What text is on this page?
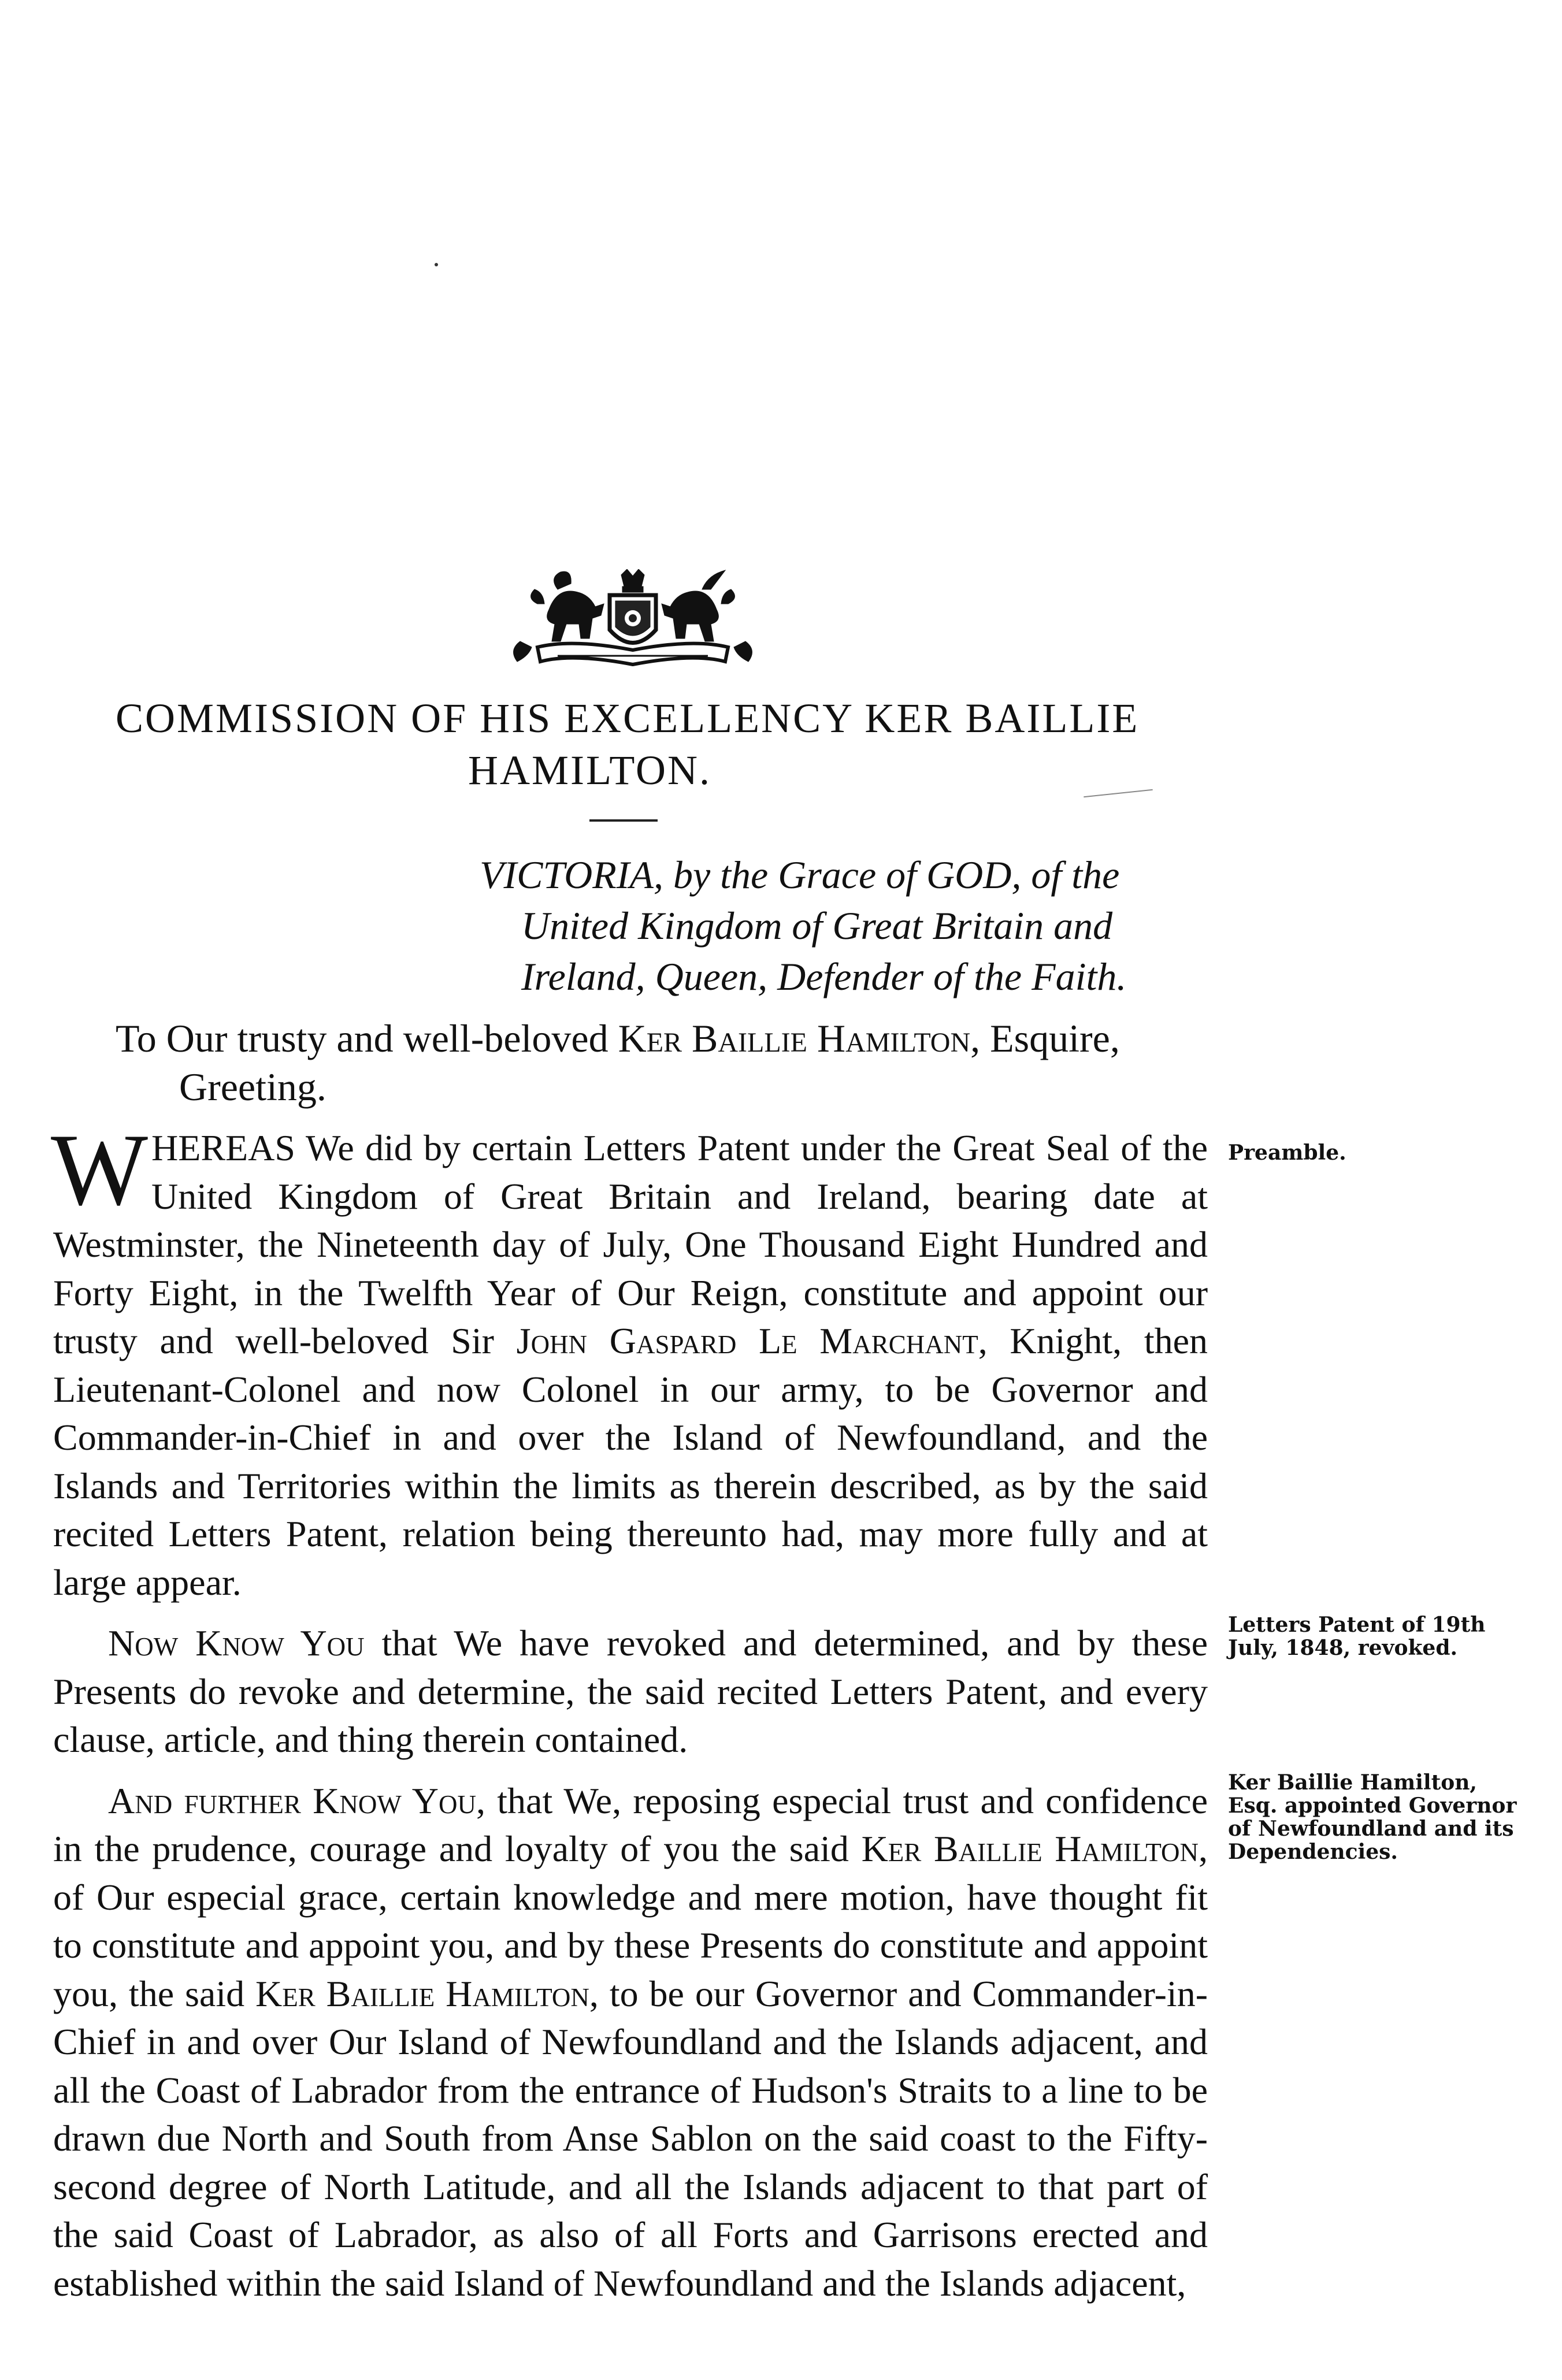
COMMISSION OF HIS EXCELLENCY KER BAILLIE
HAMILTON.
VICTORIA, by the Grace of GOD, of the
United Kingdom of Great Britain and
Ireland, Queen, Defender of the Faith.
To Our trusty and well-beloved Ker Baillie Hamilton, Esquire,
Greeting.

WHEREAS We did by certain Letters Patent under the Great Seal of the United Kingdom of Great Britain and Ireland, bearing date at Westminster, the Nineteenth day of July, One Thousand Eight Hundred and Forty Eight, in the Twelfth Year of Our Reign, constitute and appoint our trusty and well-beloved Sir John Gaspard Le Marchant, Knight, then Lieutenant-Colonel and now Colonel in our army, to be Governor and Commander-in-Chief in and over the Island of Newfoundland, and the Islands and Territories within the limits as therein described, as by the said recited Letters Patent, relation being thereunto had, may more fully and at large appear.

Now Know You that We have revoked and determined, and by these Presents do revoke and determine, the said recited Letters Patent, and every clause, article, and thing therein contained.

And further Know You, that We, reposing especial trust and confidence in the prudence, courage and loyalty of you the said Ker Baillie Hamilton, of Our especial grace, certain knowledge and mere motion, have thought fit to constitute and appoint you, and by these Presents do constitute and appoint you, the said Ker Baillie Hamilton, to be our Governor and Commander-in-Chief in and over Our Island of Newfoundland and the Islands adjacent, and all the Coast of Labrador from the entrance of Hudson's Straits to a line to be drawn due North and South from Anse Sablon on the said coast to the Fifty-second degree of North Latitude, and all the Islands adjacent to that part of the said Coast of Labrador, as also of all Forts and Garrisons erected and established within the said Island of Newfoundland and the Islands adjacent,

Preamble.
Letters Patent of 19th
July, 1848, revoked.
Ker Baillie Hamilton,
Esq. appointed Governor
of Newfoundland and its
Dependencies.
